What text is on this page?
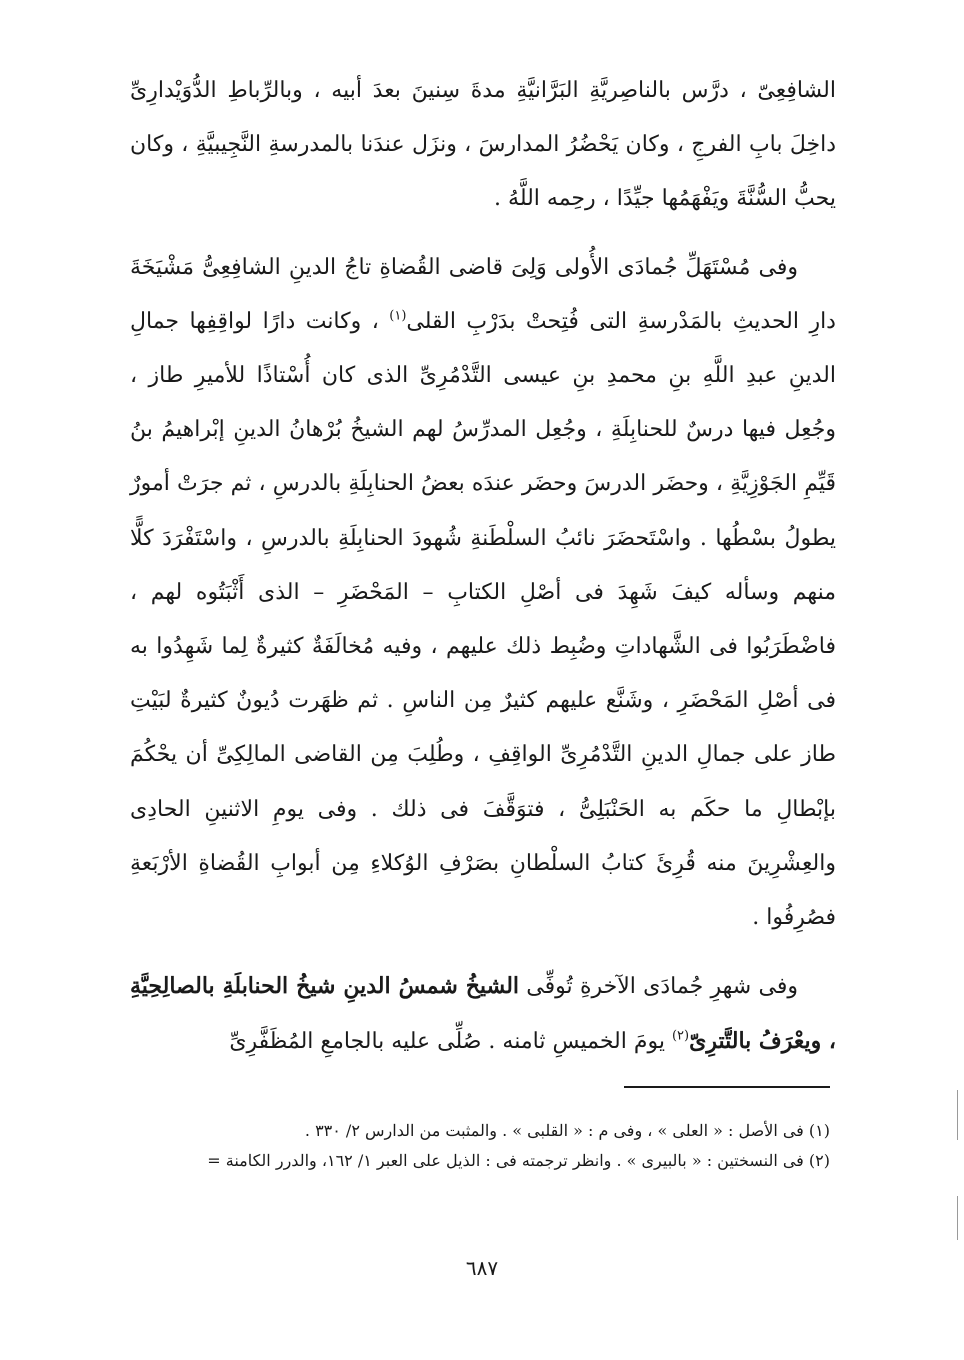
الشافِعِىّ ، درَّس بالناصِريَّةِ البَرَّانيَّةِ مدةَ سِنينَ بعدَ أبيه ، وبالرِّباطِ الدُّوَيْدارِىِّ داخِلَ بابِ الفرجِ ، وكان يَحْضُرُ المدارسَ ، ونزَل عندَنا بالمدرسةِ النَّجِيبيَّةِ ، وكان يحبُّ السُّنَّةَ ويَفْهَمُها جيِّدًا ، رحِمه اللَّهُ .

وفى مُسْتَهَلِّ جُمادَى الأُولى وَلِىَ قاضى القُضاةِ تاجُ الدينِ الشافِعِىُّ مَشْيَخَةَ دارِ الحديثِ بالمَدْرسةِ التى فُتِحتْ بدَرْبِ القلى$^{(١)}$ ، وكانت دارًا لواقِفِها جمالِ الدينِ عبدِ اللَّهِ بنِ محمدِ بنِ عيسى التَّدْمُرِىِّ الذى كان أُسْتاذًا للأميرِ طاز ، وجُعِل فيها درسٌ للحنابِلَةِ ، وجُعِل المدرِّسُ لهم الشيخُ بُرْهانُ الدينِ إبْراهيمُ بنُ قَيِّمِ الجَوْزِيَّةِ ، وحضَر الدرسَ وحضَر عندَه بعضُ الحنابِلَةِ بالدرسِ ، ثم جرَتْ أمورٌ يطولُ بسْطُها . واسْتَحضَرَ نائبُ السلْطَنةِ شُهودَ الحنابِلَةِ بالدرسِ ، واسْتَفْرَدَ كلًّا منهم وسأله كيفَ شَهِدَ فى أصْلِ الكتابِ – المَحْضَرِ – الذى أَثْبَتُوه لهم ، فاضْطَرَبُوا فى الشَّهاداتِ وضُبِط ذلك عليهم ، وفيه مُخالَفَةٌ كثيرةٌ لِما شَهِدُوا به فى أصْلِ المَحْضَرِ ، وشَنَّع عليهم كثيرٌ مِن الناسِ . ثم ظهَرت دُيونٌ كثيرةٌ لبَيْتِ طاز على جمالِ الدينِ التَّدْمُرِىِّ الواقِفِ ، وطُلِبَ مِن القاضى المالِكِىِّ أن يحْكُمَ بإبْطالِ ما حكَم به الحَنْبَلِىُّ ، فتوَقَّفَ فى ذلك . وفى يومِ الاثنينِ الحادِى والعِشْرِينَ منه قُرِئَ كتابُ السلْطانِ بصَرْفِ الوُكلاءِ مِن أبوابِ القُضاةِ الأرْبَعةِ فصُرِفُوا .

وفى شهرِ جُمادَى الآخرةِ تُوفِّى الشيخُ شمسُ الدينِ شيخُ الحنابلَةِ بالصالِحِيَّةِ ، ويعْرَفُ بالتَّترِىّ$^{(٢)}$ يومَ الخميسِ ثامنه . صُلِّى عليه بالجامعِ المُظَفَّرِىِّ

(١) فى الأصل : « العلى » ، وفى م : « القلبى » . والمثبت من الدارس ٢/ ٣٣٠ .

(٢) فى النسختين : « بالبيرى » . وانظر ترجمته فى : الذيل على العبر ١/ ١٦٢، والدرر الكامنة =

٦٨٧
